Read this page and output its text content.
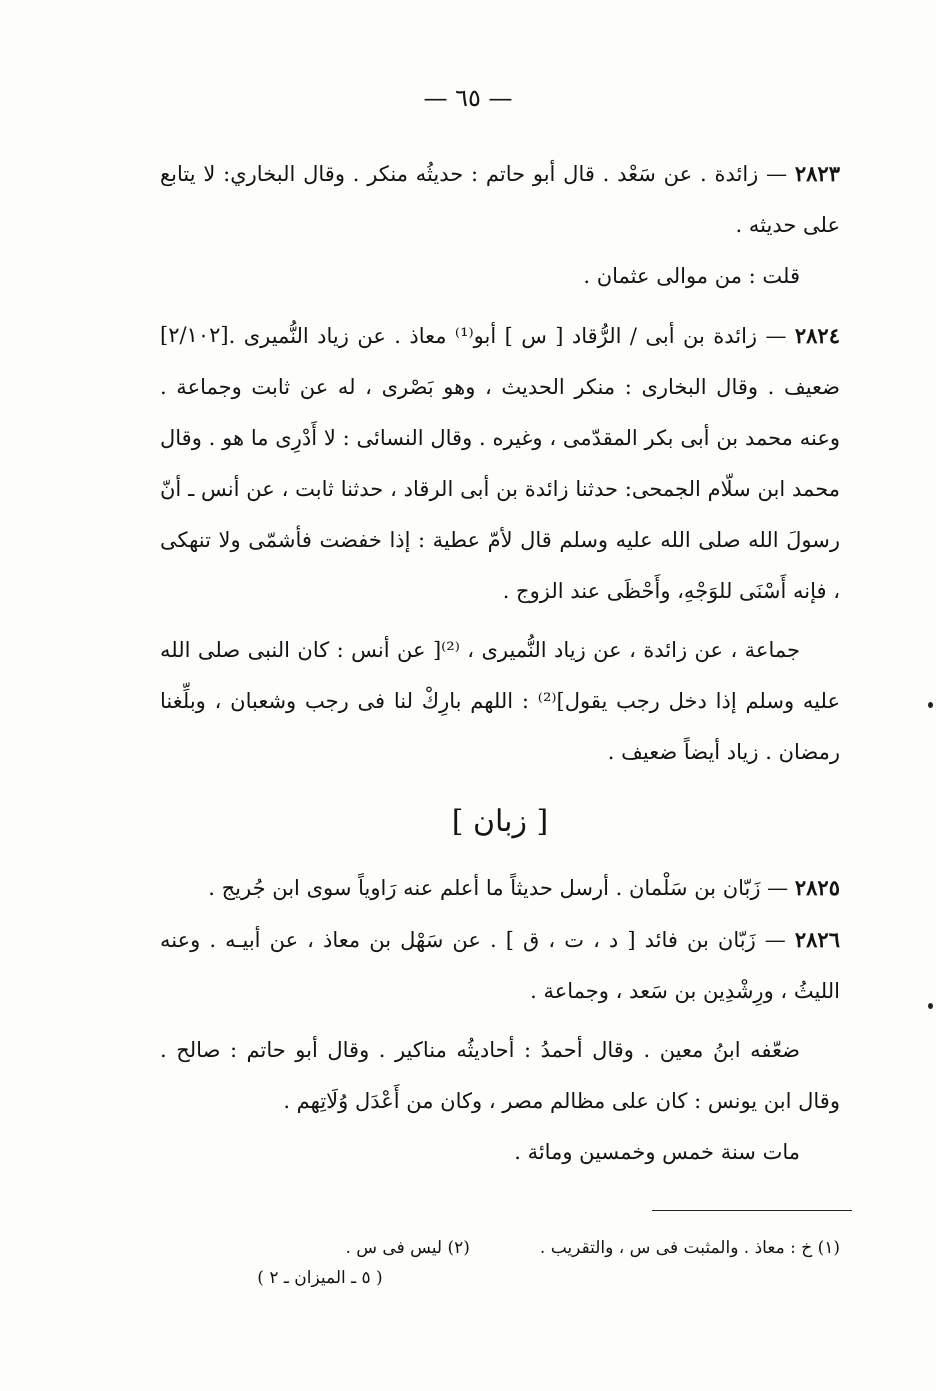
— ٦٥ —

٢٨٢٣ — زائدة . عن سَعْد . قال أبو حاتم : حديثُه منكر . وقال البخاري: لا يتابع على حديثه .

قلت : من موالى عثمان .

[٢/١٠٢]	٢٨٢٤ — زائدة بن أبى / الرُّقاد [ س ] أبو⁽¹⁾ معاذ . عن زياد النُّميرى . ضعيف . وقال البخارى : منكر الحديث ، وهو بَصْرى ، له عن ثابت وجماعة . وعنه محمد بن أبى بكر المقدّمى ، وغيره . وقال النسائى : لا أَدْرِى ما هو . وقال محمد ابن سلّام الجمحى: حدثنا زائدة بن أبى الرقاد ، حدثنا ثابت ، عن أنس ـ أنّ رسولَ الله صلى الله عليه وسلم قال لأمّ عطية : إذا خفضت فأشمّى ولا تنهكى ، فإنه أَسْنَى للوَجْهِ، وأَحْظَى عند الزوج .

جماعة ، عن زائدة ، عن زياد النُّميرى ، ⁽²⁾[ عن أنس : كان النبى صلى الله عليه وسلم إذا دخل رجب يقول]⁽²⁾ : اللهم بارِكْ لنا فى رجب وشعبان ، وبلِّغنا رمضان . زياد أيضاً ضعيف .

[ زبان ]

٢٨٢٥ — زَبّان بن سَلْمان . أرسل حديثاً ما أعلم عنه رَاوياً سوى ابن جُريج .

٢٨٢٦ — زَبّان بن فائد [ د ، ت ، ق ] . عن سَهْل بن معاذ ، عن أبيـه . وعنه الليثُ ، ورِشْدِين بن سَعد ، وجماعة .

ضعّفه ابنُ معين . وقال أحمدُ : أحاديثُه مناكير . وقال أبو حاتم : صالح . وقال ابن يونس : كان على مظالم مصر ، وكان من أَعْدَل وُلَاتِهم .

مات سنة خمس وخمسين ومائة .

(١) خ : معاذ . والمثبت فى س ، والتقريب .
(٢) ليس فى س .
( ٥ ـ الميزان ـ ٢ )
